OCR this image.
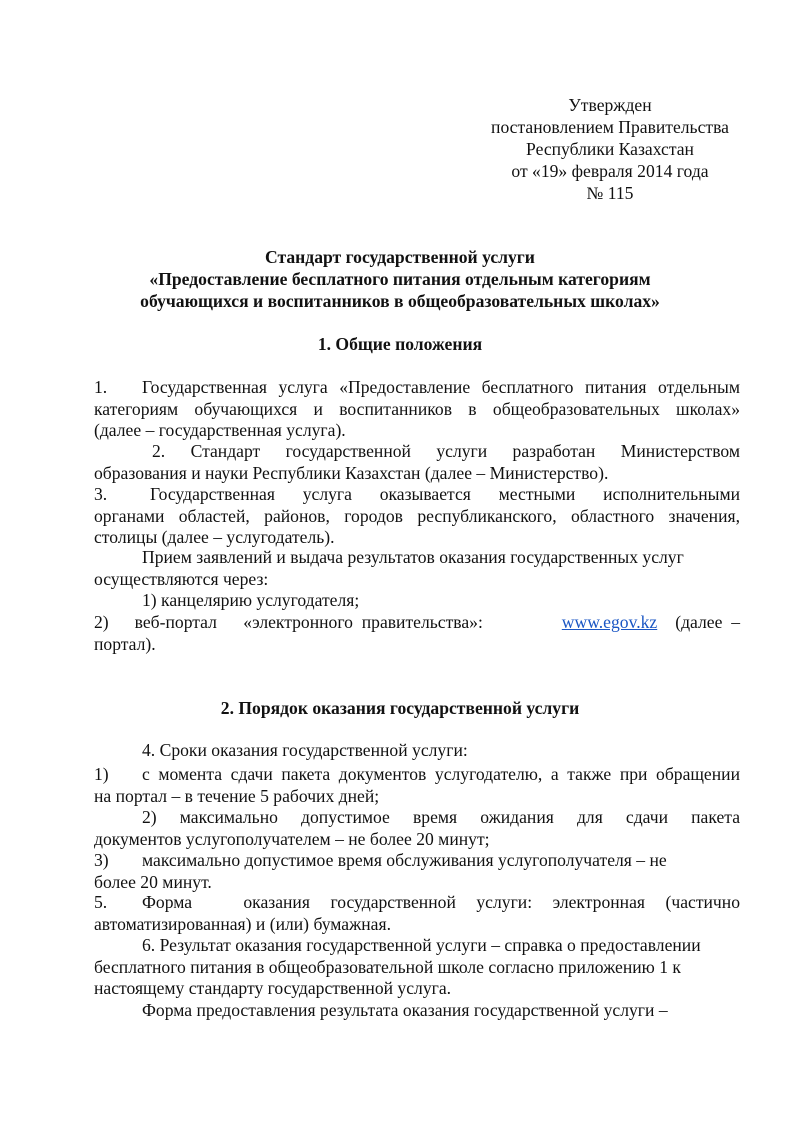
Утвержден
постановлением Правительства
Республики Казахстан
от «19» февраля 2014 года
№ 115
Стандарт государственной услуги
«Предоставление бесплатного питания отдельным категориям
обучающихся и воспитанников в общеобразовательных школах»
1. Общие положения
1. Государственная услуга «Предоставление бесплатного питания отдельным
категориям обучающихся и воспитанников в общеобразовательных школах»
(далее – государственная услуга).
2. Стандарт государственной услуги разработан Министерством
образования и науки Республики Казахстан (далее – Министерство).
3. Государственная услуга оказывается местными исполнительными
органами областей, районов, городов республиканского, областного значения,
столицы (далее – услугодатель).
Прием заявлений и выдача результатов оказания государственных услуг
осуществляются через:
1) канцелярию услугодателя;
2)	веб-портал      «электронного  правительства»:	www.egov.kz	(далее  –
портал).
2. Порядок оказания государственной услуги
4. Сроки оказания государственной услуги:
1) с момента сдачи пакета документов услугодателю, а также при обращении
на портал – в течение 5 рабочих дней;
2) максимально допустимое время ожидания для сдачи пакета
документов услугополучателем – не более 20 минут;
3) максимально допустимое время обслуживания услугополучателя – не
более 20 минут.
5. Форма     оказания  государственной  услуги:  электронная  (частично
автоматизированная) и (или) бумажная.
6. Результат оказания государственной услуги – справка о предоставлении
бесплатного питания в общеобразовательной школе согласно приложению 1 к
настоящему стандарту государственной услуга.
Форма предоставления результата оказания государственной услуги –
